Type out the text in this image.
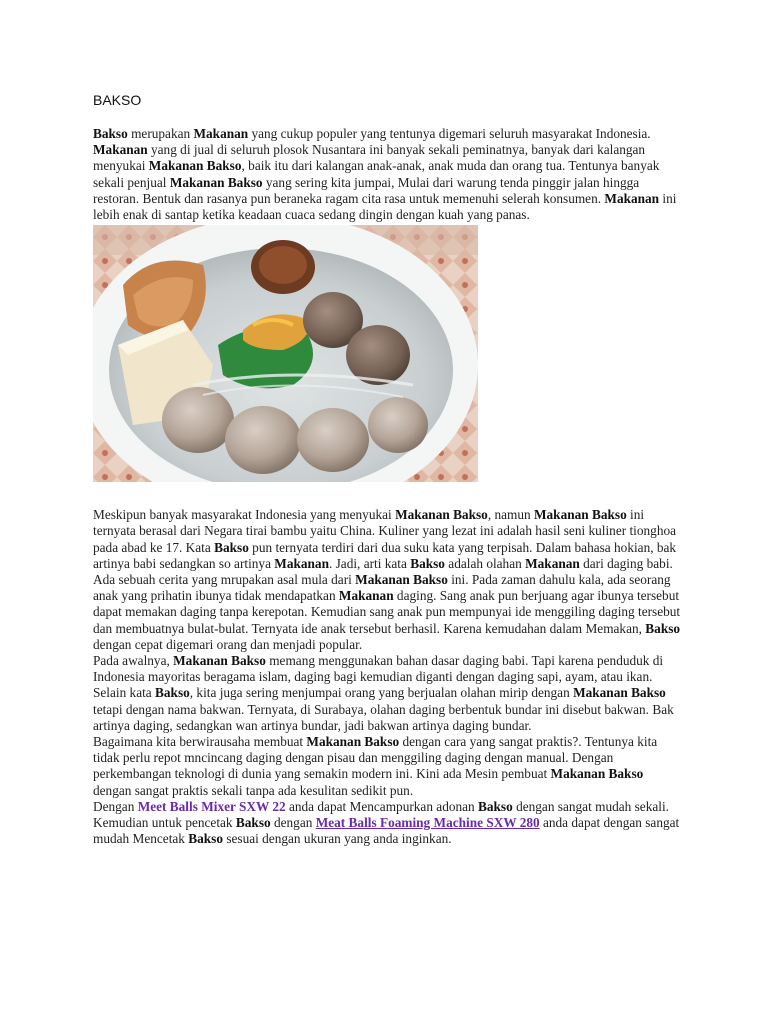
BAKSO

Bakso merupakan Makanan yang cukup populer yang tentunya digemari seluruh masyarakat Indonesia. Makanan yang di jual di seluruh plosok Nusantara ini banyak sekali peminatnya, banyak dari kalangan menyukai Makanan Bakso, baik itu dari kalangan anak-anak, anak muda dan orang tua. Tentunya banyak sekali penjual Makanan Bakso yang sering kita jumpai, Mulai dari warung tenda pinggir jalan hingga restoran. Bentuk dan rasanya pun beraneka ragam cita rasa untuk memenuhi selerah konsumen. Makanan ini lebih enak di santap ketika keadaan cuaca sedang dingin dengan kuah yang panas.

Meskipun banyak masyarakat Indonesia yang menyukai Makanan Bakso, namun Makanan Bakso ini ternyata berasal dari Negara tirai bambu yaitu China. Kuliner yang lezat ini adalah hasil seni kuliner tionghoa pada abad ke 17. Kata Bakso pun ternyata terdiri dari dua suku kata yang terpisah. Dalam bahasa hokian, bak artinya babi sedangkan so artinya Makanan. Jadi, arti kata Bakso adalah olahan Makanan dari daging babi.

Ada sebuah cerita yang mrupakan asal mula dari Makanan Bakso ini. Pada zaman dahulu kala, ada seorang anak yang prihatin ibunya tidak mendapatkan Makanan daging. Sang anak pun berjuang agar ibunya tersebut dapat memakan daging tanpa kerepotan. Kemudian sang anak pun mempunyai ide menggiling daging tersebut dan membuatnya bulat-bulat. Ternyata ide anak tersebut berhasil. Karena kemudahan dalam Memakan, Bakso dengan cepat digemari orang dan menjadi popular.

Pada awalnya, Makanan Bakso memang menggunakan bahan dasar daging babi. Tapi karena penduduk di Indonesia mayoritas beragama islam, daging bagi kemudian diganti dengan daging sapi, ayam, atau ikan. Selain kata Bakso, kita juga sering menjumpai orang yang berjualan olahan mirip dengan Makanan Bakso tetapi dengan nama bakwan. Ternyata, di Surabaya, olahan daging berbentuk bundar ini disebut bakwan. Bak artinya daging, sedangkan wan artinya bundar, jadi bakwan artinya daging bundar.

Bagaimana kita berwirausaha membuat Makanan Bakso dengan cara yang sangat praktis?. Tentunya kita tidak perlu repot mncincang daging dengan pisau dan menggiling daging dengan manual. Dengan perkembangan teknologi di dunia yang semakin modern ini. Kini ada Mesin pembuat Makanan Bakso dengan sangat praktis sekali tanpa ada kesulitan sedikit pun.

Dengan Meet Balls Mixer SXW 22 anda dapat Mencampurkan adonan Bakso dengan sangat mudah sekali. Kemudian untuk pencetak Bakso dengan Meat Balls Foaming Machine SXW 280 anda dapat dengan sangat mudah Mencetak Bakso sesuai dengan ukuran yang anda inginkan.
